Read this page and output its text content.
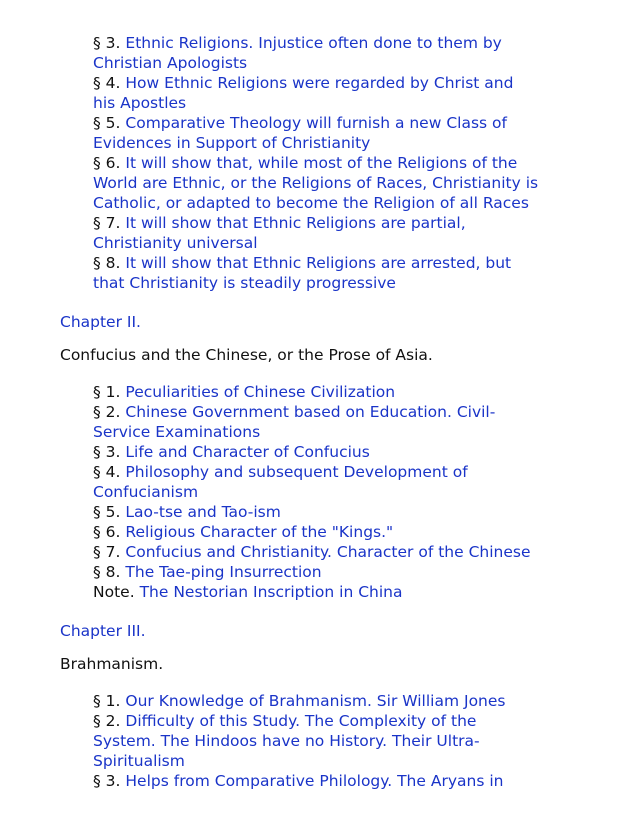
§ 3. Ethnic Religions. Injustice often done to them by
Christian Apologists
§ 4. How Ethnic Religions were regarded by Christ and
his Apostles
§ 5. Comparative Theology will furnish a new Class of
Evidences in Support of Christianity
§ 6. It will show that, while most of the Religions of the
World are Ethnic, or the Religions of Races, Christianity is
Catholic, or adapted to become the Religion of all Races
§ 7. It will show that Ethnic Religions are partial,
Christianity universal
§ 8. It will show that Ethnic Religions are arrested, but
that Christianity is steadily progressive
Chapter II.
Confucius and the Chinese, or the Prose of Asia.
§ 1. Peculiarities of Chinese Civilization
§ 2. Chinese Government based on Education. Civil-
Service Examinations
§ 3. Life and Character of Confucius
§ 4. Philosophy and subsequent Development of
Confucianism
§ 5. Lao-tse and Tao-ism
§ 6. Religious Character of the "Kings."
§ 7. Confucius and Christianity. Character of the Chinese
§ 8. The Tae-ping Insurrection
Note. The Nestorian Inscription in China
Chapter III.
Brahmanism.
§ 1. Our Knowledge of Brahmanism. Sir William Jones
§ 2. Difficulty of this Study. The Complexity of the
System. The Hindoos have no History. Their Ultra-
Spiritualism
§ 3. Helps from Comparative Philology. The Aryans in
